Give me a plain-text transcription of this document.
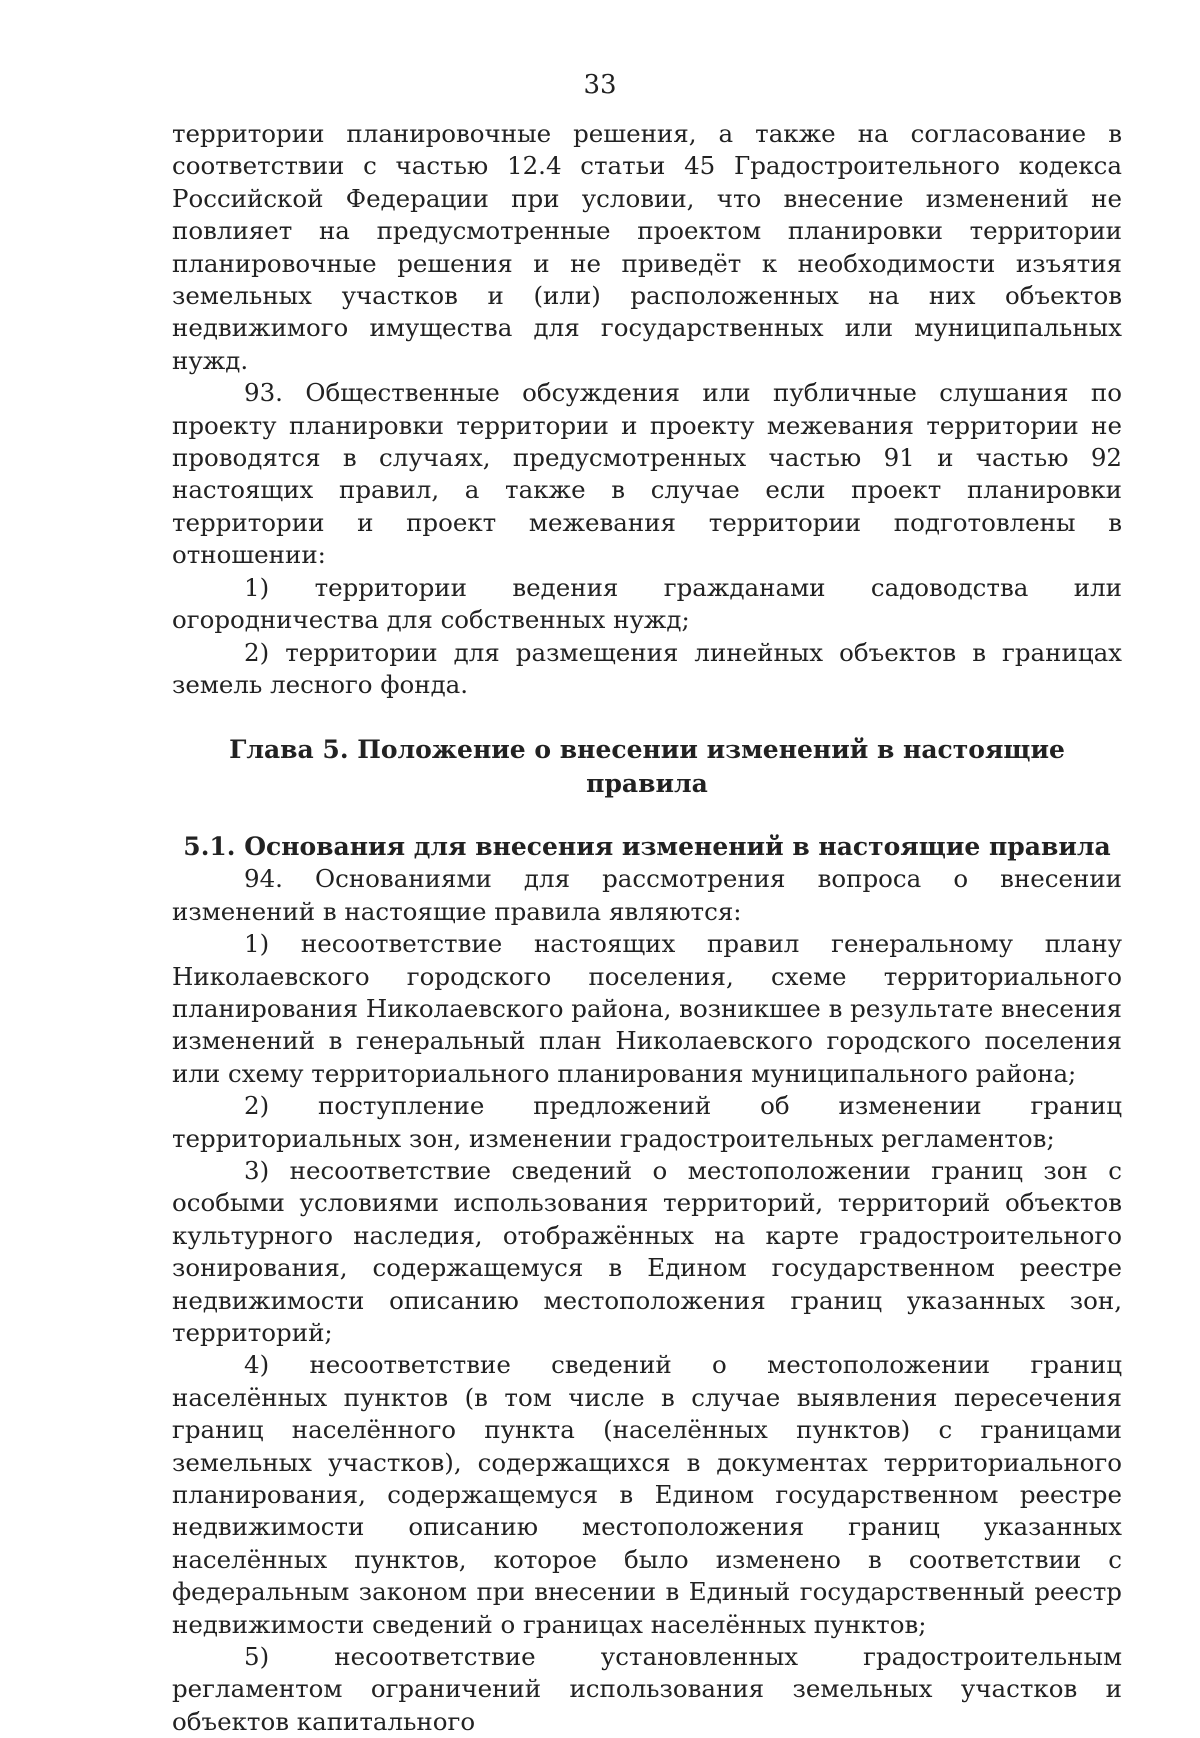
33

территории планировочные решения, а также на согласование в соответствии с частью 12.4 статьи 45 Градостроительного кодекса Российской Федерации при условии, что внесение изменений не повлияет на предусмотренные проектом планировки территории планировочные решения и не приведёт к необходимости изъятия земельных участков и (или) расположенных на них объектов недвижимого имущества для государственных или муниципальных нужд.

93. Общественные обсуждения или публичные слушания по проекту планировки территории и проекту межевания территории не проводятся в случаях, предусмотренных частью 91 и частью 92 настоящих правил, а также в случае если проект планировки территории и проект межевания территории подготовлены в отношении:

1) территории ведения гражданами садоводства или огородничества для собственных нужд;

2) территории для размещения линейных объектов в границах земель лесного фонда.

Глава 5. Положение о внесении изменений в настоящие правила

5.1. Основания для внесения изменений в настоящие правила

94. Основаниями для рассмотрения вопроса о внесении изменений в настоящие правила являются:

1) несоответствие настоящих правил генеральному плану Николаевского городского поселения, схеме территориального планирования Николаевского района, возникшее в результате внесения изменений в генеральный план Николаевского городского поселения или схему территориального планирования муниципального района;

2) поступление предложений об изменении границ территориальных зон, изменении градостроительных регламентов;

3) несоответствие сведений о местоположении границ зон с особыми условиями использования территорий, территорий объектов культурного наследия, отображённых на карте градостроительного зонирования, содержащемуся в Едином государственном реестре недвижимости описанию местоположения границ указанных зон, территорий;

4) несоответствие сведений о местоположении границ населённых пунктов (в том числе в случае выявления пересечения границ населённого пункта (населённых пунктов) с границами земельных участков), содержащихся в документах территориального планирования, содержащемуся в Едином государственном реестре недвижимости описанию местоположения границ указанных населённых пунктов, которое было изменено в соответствии с федеральным законом при внесении в Единый государственный реестр недвижимости сведений о границах населённых пунктов;

5) несоответствие установленных градостроительным регламентом ограничений использования земельных участков и объектов капитального
